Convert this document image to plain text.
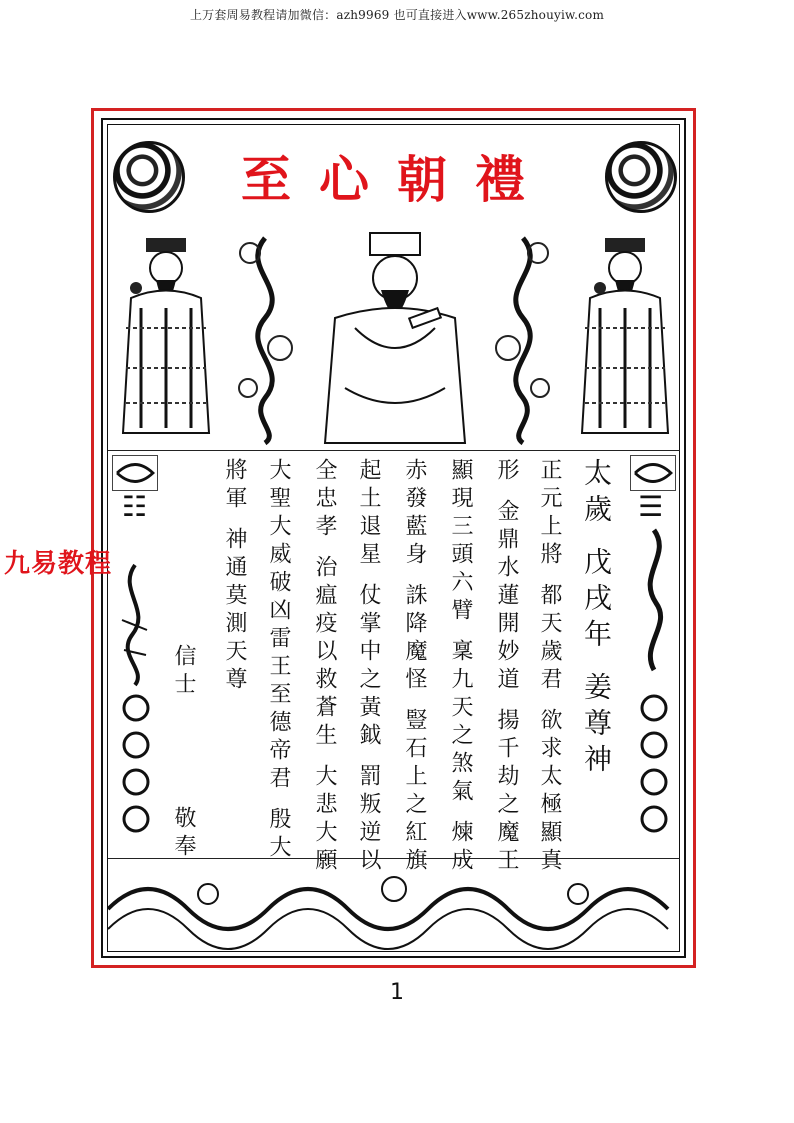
上万套周易教程请加微信：azh9969 也可直接进入www.265zhouyiw.com
至心朝禮
☷	☰
太歲 戊戌年 姜尊神
正元上將 都天歲君 欲求太極顯真
形 金鼎水蓮開妙道 揚千劫之魔王
顯現三頭六臂 稟九天之煞氣 煉成
赤發藍身 誅降魔怪 豎石上之紅旗
起土退星 仗掌中之黃鉞 罰叛逆以
全忠孝 治瘟疫以救蒼生 大悲大願
大聖大威破凶雷王至德帝君 殷大
將軍 神通莫測天尊
信士
敬奉
九易教程
1
